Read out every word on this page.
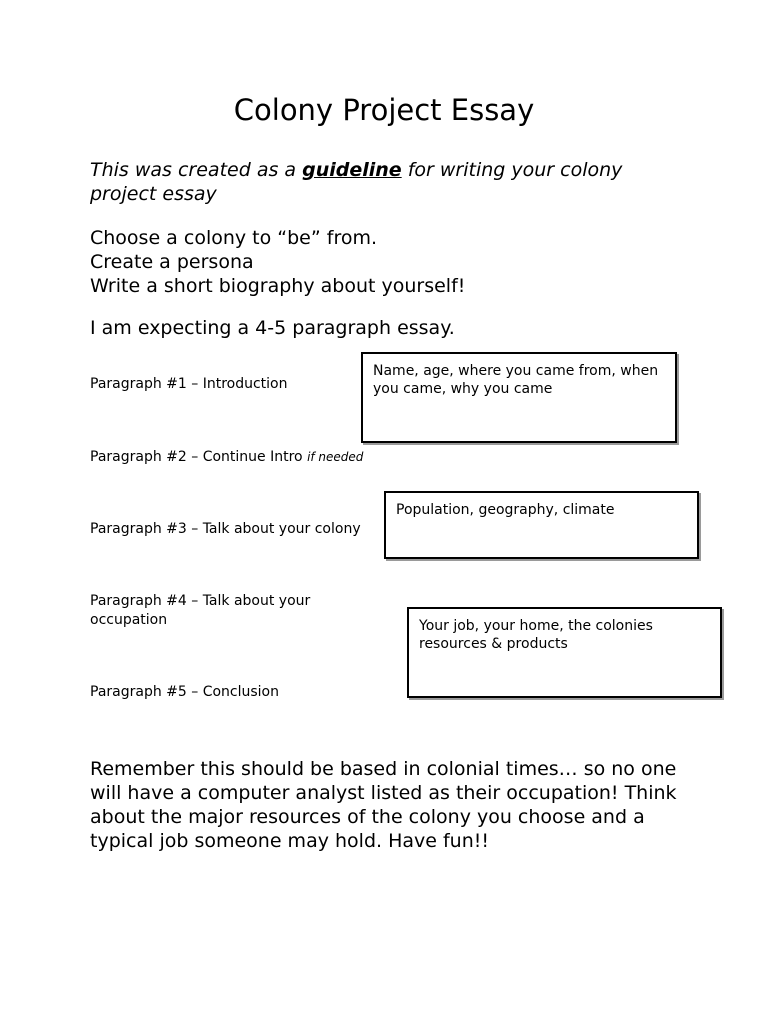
Colony Project Essay

This was created as a guideline for writing your colony project essay

Choose a colony to “be” from.
Create a persona
Write a short biography about yourself!
I am expecting a 4-5 paragraph essay.
Paragraph #1 – Introduction
Paragraph #2 – Continue Intro if needed
Paragraph #3 – Talk about your colony
Paragraph #4 – Talk about your occupation
Paragraph #5 – Conclusion
Name, age, where you came from, when you came, why you came
Population, geography, climate
Your job, your home, the colonies resources & products

Remember this should be based in colonial times… so no one will have a computer analyst listed as their occupation! Think about the major resources of the colony you choose and a typical job someone may hold. Have fun!!
